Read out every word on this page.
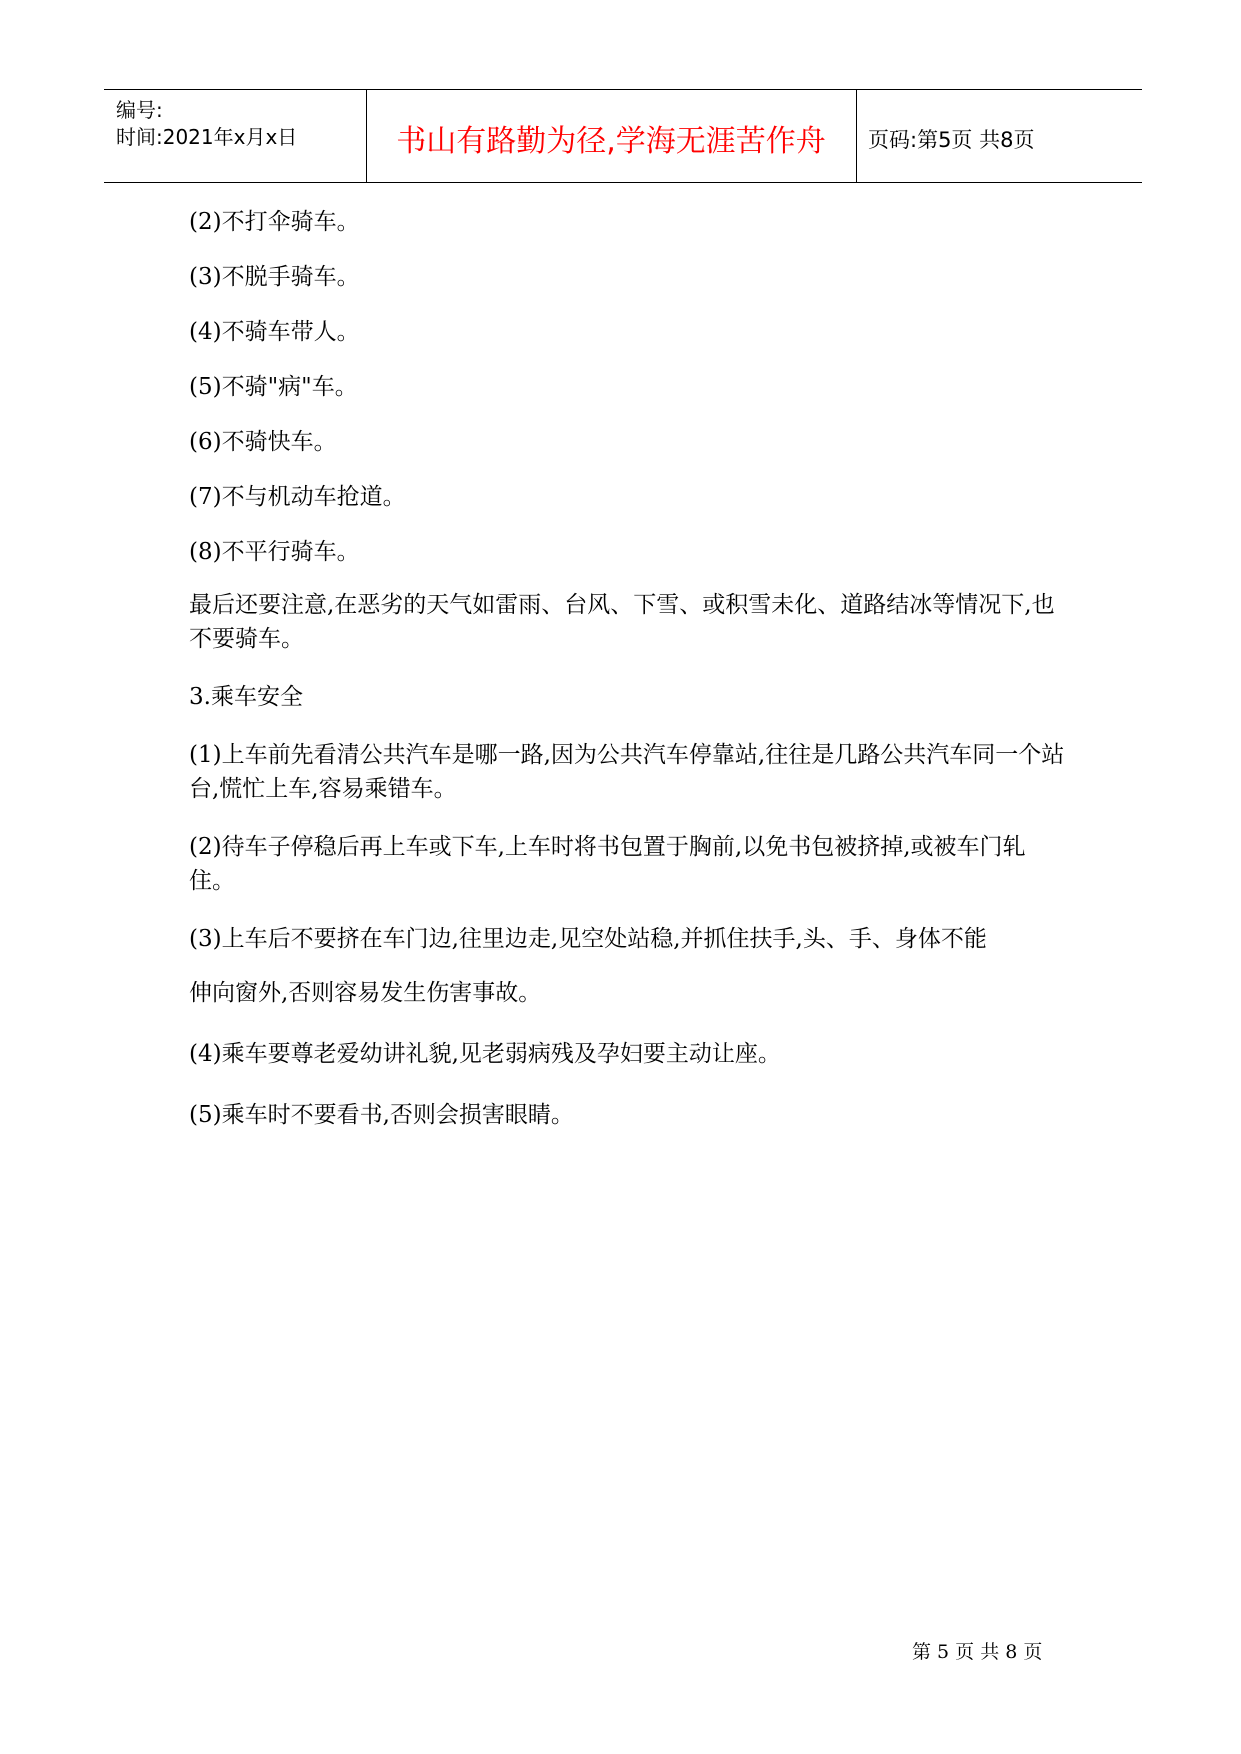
编号:
时间:2021年x月x日	书山有路勤为径,学海无涯苦作舟	页码:第5页 共8页

(2)不打伞骑车。

(3)不脱手骑车。

(4)不骑车带人。

(5)不骑"病"车。

(6)不骑快车。

(7)不与机动车抢道。

(8)不平行骑车。

最后还要注意,在恶劣的天气如雷雨、台风、下雪、或积雪未化、道路结冰等情况下,也不要骑车。

3.乘车安全

(1)上车前先看清公共汽车是哪一路,因为公共汽车停靠站,往往是几路公共汽车同一个站台,慌忙上车,容易乘错车。

(2)待车子停稳后再上车或下车,上车时将书包置于胸前,以免书包被挤掉,或被车门轧住。

(3)上车后不要挤在车门边,往里边走,见空处站稳,并抓住扶手,头、手、身体不能

伸向窗外,否则容易发生伤害事故。

(4)乘车要尊老爱幼讲礼貌,见老弱病残及孕妇要主动让座。

(5)乘车时不要看书,否则会损害眼睛。

第 5 页 共 8 页
